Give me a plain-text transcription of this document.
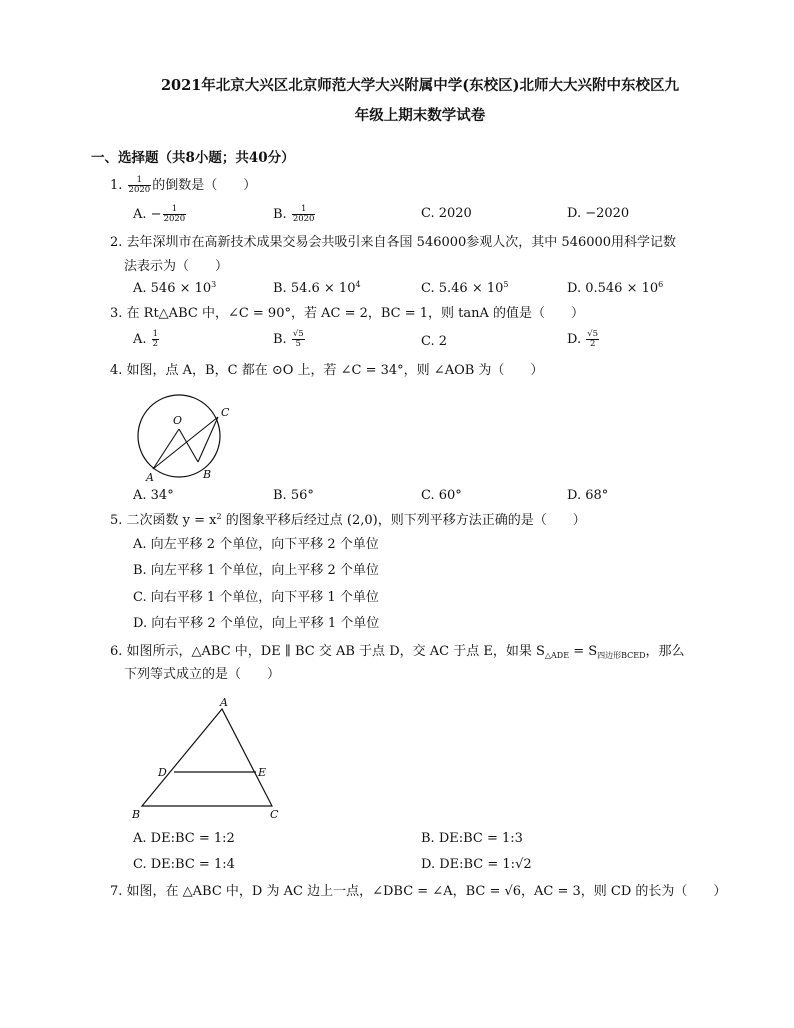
2021年北京大兴区北京师范大学大兴附属中学(东校区)北师大大兴附中东校区九
年级上期末数学试卷
一、选择题（共8小题；共40分）
1. $\frac{1}{2020}$ 的倒数是（　　）
A. − $\frac{1}{2020}$	B. $\frac{1}{2020}$	C. 2020	D. −2020
2. 去年深圳市在高新技术成果交易会共吸引来自各国 546000参观人次，其中 546000用科学记数
法表示为（　　）
A. $546 \times 10^3$	B. $54.6 \times 10^4$	C. $5.46 \times 10^5$	D. $0.546 \times 10^6$
3. 在 Rt△ABC 中，∠C = 90°，若 AC = 2，BC = 1，则 tanA 的值是（　　）
A. $\frac{1}{2}$	B. $\frac{√5}{5}$	C. 2	D. $\frac{√5}{2}$
4. 如图，点 A，B，C 都在 ⊙O 上，若 ∠C = 34°，则 ∠AOB 为（　　）
O
C
A	B
A. 34°	B. 56°	C. 60°	D. 68°
5. 二次函数 $y = x^2$ 的图象平移后经过点 (2,0)，则下列平移方法正确的是（　　）
A. 向左平移 2 个单位，向下平移 2 个单位
B. 向左平移 1 个单位，向上平移 2 个单位
C. 向右平移 1 个单位，向下平移 1 个单位
D. 向右平移 2 个单位，向上平移 1 个单位
6. 如图所示，△ABC 中，DE ∥ BC 交 AB 于点 D，交 AC 于点 E，如果 $S_{\triangle ADE} = S_{四边形BCED}$，那么
下列等式成立的是（　　）
A
D	E
B	C
A. DE:BC = 1:2	B. DE:BC = 1:3
C. DE:BC = 1:4	D. DE:BC = 1:√2
7. 如图，在 △ABC 中，D 为 AC 边上一点，∠DBC = ∠A，BC = √6，AC = 3，则 CD 的长为（　　）
